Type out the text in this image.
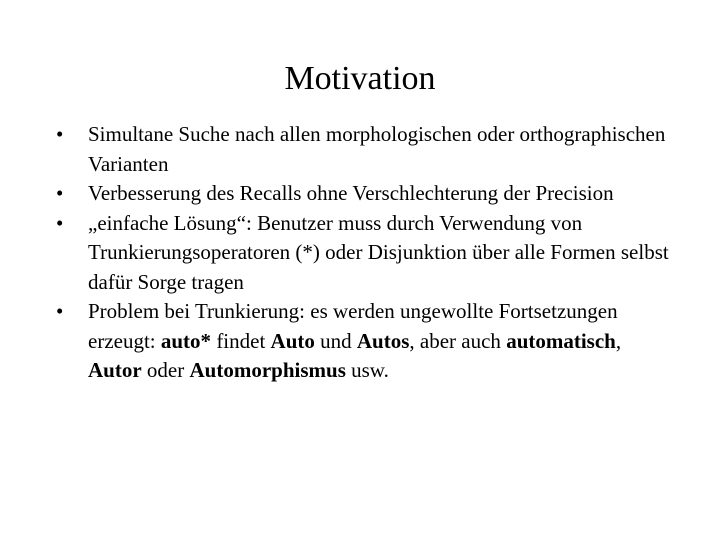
Motivation
•	Simultane Suche nach allen morphologischen oder orthographischen Varianten
•	Verbesserung des Recalls ohne Verschlechterung der Precision
•	„einfache Lösung“: Benutzer muss durch Verwendung von Trunkierungsoperatoren (*) oder Disjunktion über alle Formen selbst dafür Sorge tragen
•	Problem bei Trunkierung: es werden ungewollte Fortsetzungen erzeugt: auto* findet Auto und Autos, aber auch automatisch, Autor oder Automorphismus usw.
